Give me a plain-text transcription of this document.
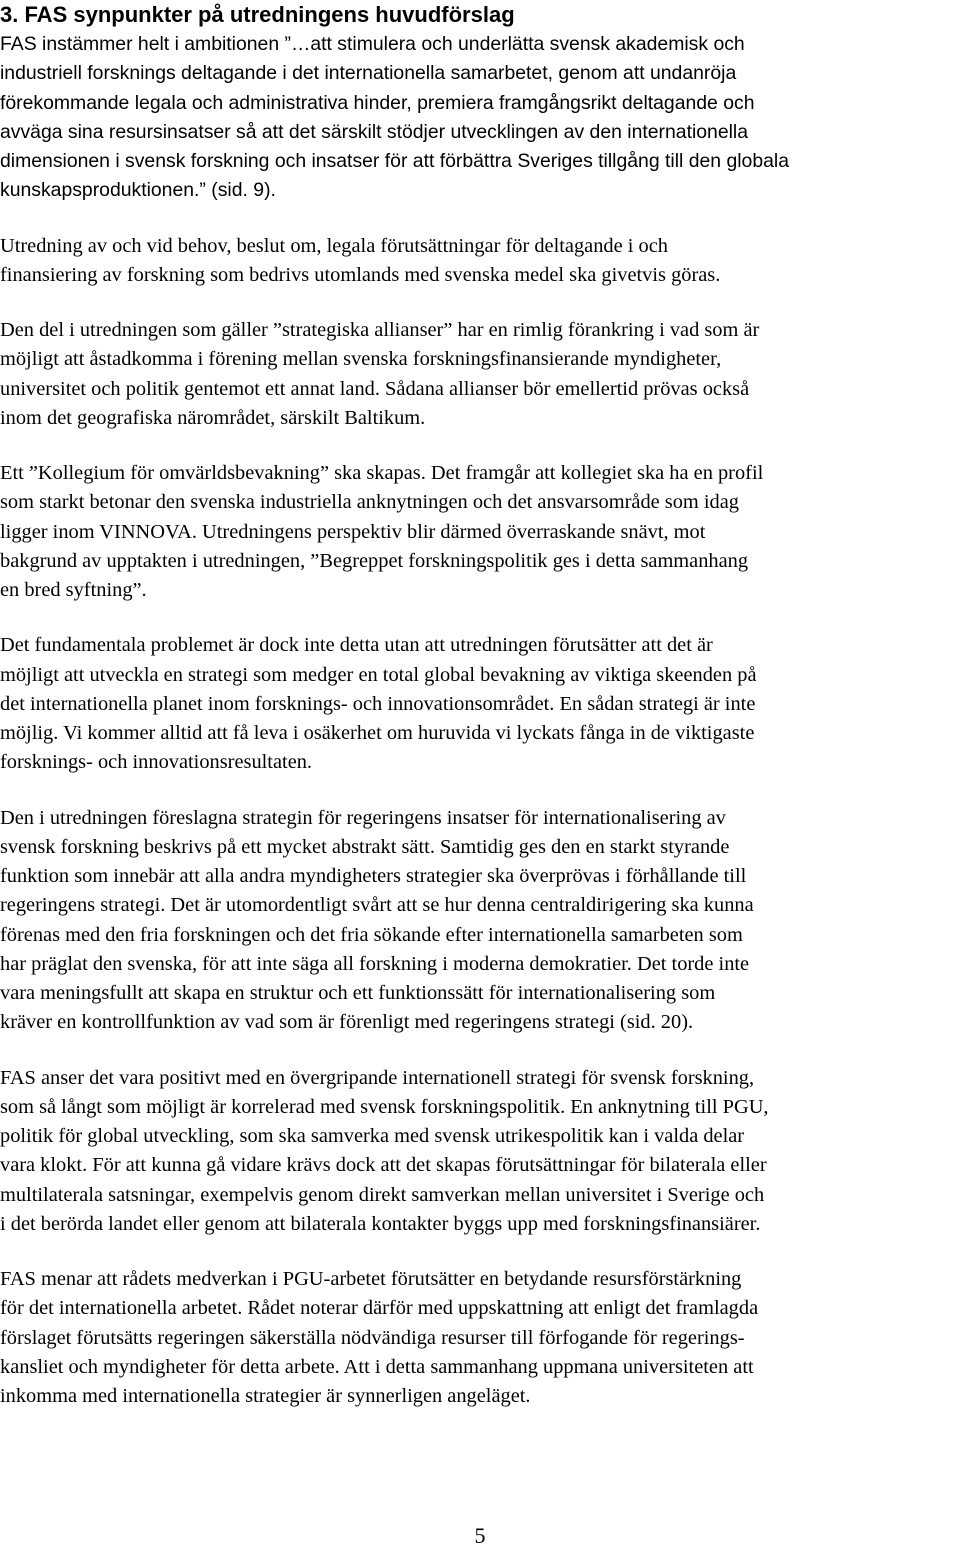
3. FAS synpunkter på utredningens huvudförslag
FAS instämmer helt i ambitionen ”…att stimulera och underlätta svensk akademisk och
industriell forsknings deltagande i det internationella samarbetet, genom att undanröja
förekommande legala och administrativa hinder, premiera framgångsrikt deltagande och
avväga sina resursinsatser så att det särskilt stödjer utvecklingen av den internationella
dimensionen i svensk forskning och insatser för att förbättra Sveriges tillgång till den globala
kunskapsproduktionen.” (sid. 9).
Utredning av och vid behov, beslut om, legala förutsättningar för deltagande i och
finansiering av forskning som bedrivs utomlands med svenska medel ska givetvis göras.
Den del i utredningen som gäller ”strategiska allianser” har en rimlig förankring i vad som är
möjligt att åstadkomma i förening mellan svenska forskningsfinansierande myndigheter,
universitet och politik gentemot ett annat land. Sådana allianser bör emellertid prövas också
inom det geografiska närområdet, särskilt Baltikum.
Ett ”Kollegium för omvärldsbevakning” ska skapas. Det framgår att kollegiet ska ha en profil
som starkt betonar den svenska industriella anknytningen och det ansvarsområde som idag
ligger inom VINNOVA. Utredningens perspektiv blir därmed överraskande snävt, mot
bakgrund av upptakten i utredningen, ”Begreppet forskningspolitik ges i detta sammanhang
en bred syftning”.
Det fundamentala problemet är dock inte detta utan att utredningen förutsätter att det är
möjligt att utveckla en strategi som medger en total global bevakning av viktiga skeenden på
det internationella planet inom forsknings- och innovationsområdet. En sådan strategi är inte
möjlig. Vi kommer alltid att få leva i osäkerhet om huruvida vi lyckats fånga in de viktigaste
forsknings- och innovationsresultaten.
Den i utredningen föreslagna strategin för regeringens insatser för internationalisering av
svensk forskning beskrivs på ett mycket abstrakt sätt. Samtidig ges den en starkt styrande
funktion som innebär att alla andra myndigheters strategier ska överprövas i förhållande till
regeringens strategi. Det är utomordentligt svårt att se hur denna centraldirigering ska kunna
förenas med den fria forskningen och det fria sökande efter internationella samarbeten som
har präglat den svenska, för att inte säga all forskning i moderna demokratier. Det torde inte
vara meningsfullt att skapa en struktur och ett funktionssätt för internationalisering som
kräver en kontrollfunktion av vad som är förenligt med regeringens strategi (sid. 20).
FAS anser det vara positivt med en övergripande internationell strategi för svensk forskning,
som så långt som möjligt är korrelerad med svensk forskningspolitik. En anknytning till PGU,
politik för global utveckling, som ska samverka med svensk utrikespolitik kan i valda delar
vara klokt. För att kunna gå vidare krävs dock att det skapas förutsättningar för bilaterala eller
multilaterala satsningar, exempelvis genom direkt samverkan mellan universitet i Sverige och
i det berörda landet eller genom att bilaterala kontakter byggs upp med forskningsfinansiärer.
FAS menar att rådets medverkan i PGU-arbetet förutsätter en betydande resursförstärkning
för det internationella arbetet. Rådet noterar därför med uppskattning att enligt det framlagda
förslaget förutsätts regeringen säkerställa nödvändiga resurser till förfogande för regerings-
kansliet och myndigheter för detta arbete. Att i detta sammanhang uppmana universiteten att
inkomma med internationella strategier är synnerligen angeläget.
5
